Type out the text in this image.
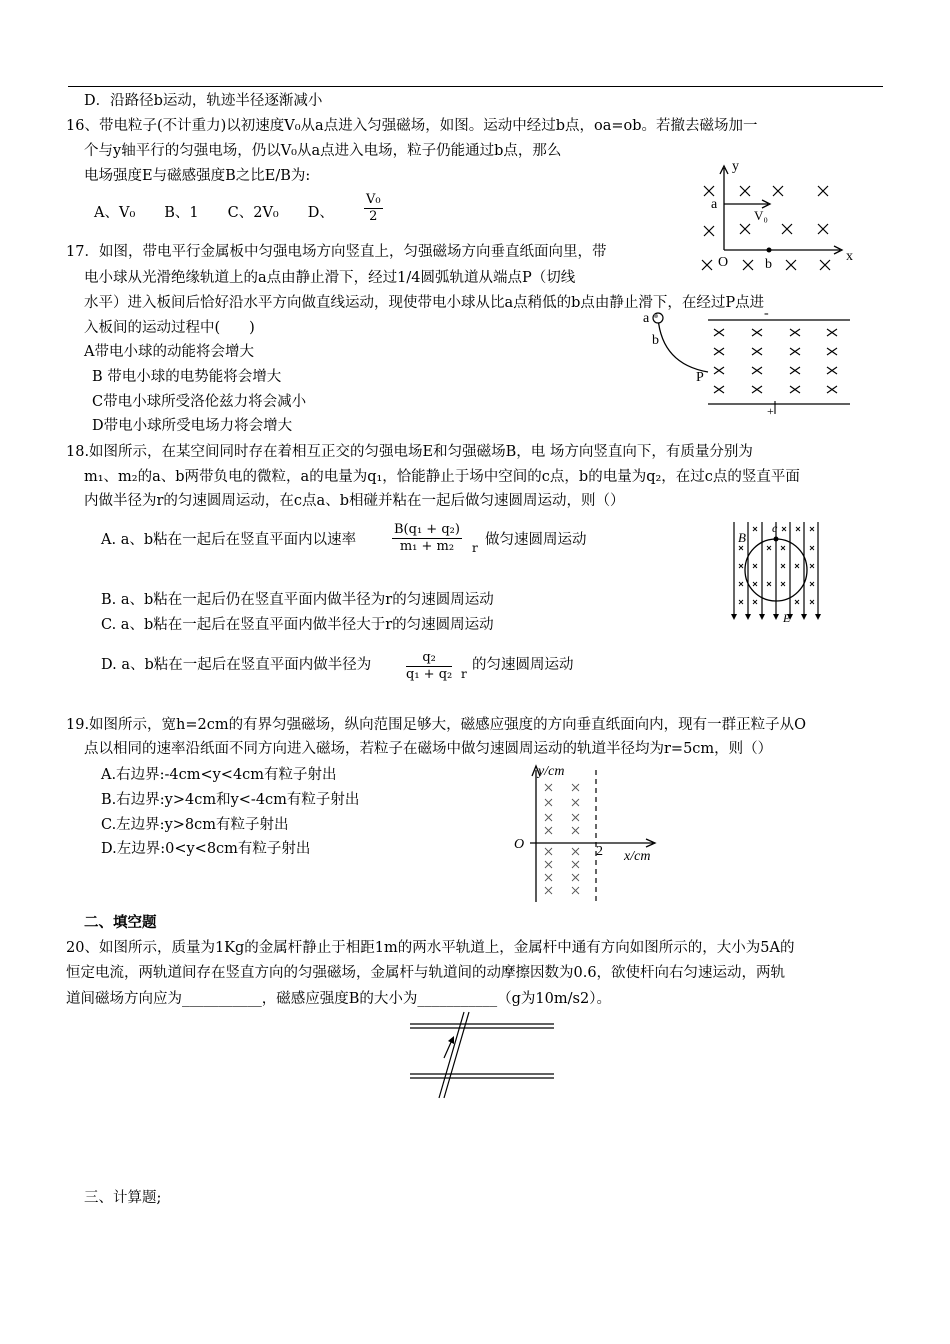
D．沿路径b运动，轨迹半径逐渐减小
16、带电粒子(不计重力)以初速度V₀从a点进入匀强磁场，如图。运动中经过b点，oa=ob。若撤去磁场加一
个与y轴平行的匀强电场，仍以V₀从a点进入电场，粒子仍能通过b点，那么
电场强度E与磁感强度B之比E/B为:
A、V₀　　B、1　　C、2V₀　　D、 $\frac{\text{V₀}}{2}$
y
x
a
V₀
O	b
17．如图，带电平行金属板中匀强电场方向竖直上，匀强磁场方向垂直纸面向里，带
电小球从光滑绝缘轨道上的a点由静止滑下，经过1/4圆弧轨道从端点P（切线
水平）进入板间后恰好沿水平方向做直线运动，现使带电小球从比a点稍低的b点由静止滑下，在经过P点进
入板间的运动过程中(　　)
A带电小球的动能将会增大
B 带电小球的电势能将会增大
C带电小球所受洛伦兹力将会减小
D带电小球所受电场力将会增大
a
b
P
-
+
18.如图所示，在某空间同时存在着相互正交的匀强电场E和匀强磁场B，电 场方向竖直向下，有质量分别为
m₁、m₂的a、b两带负电的微粒，a的电量为q₁，恰能静止于场中空间的c点，b的电量为q₂，在过c点的竖直平面
内做半径为r的匀速圆周运动，在c点a、b相碰并粘在一起后做匀速圆周运动，则（）
A. a、b粘在一起后在竖直平面内以速率	$\frac{\text{B(q₁ + q₂)}}{\text{m₁ + m₂}}$ r 做匀速圆周运动
B. a、b粘在一起后仍在竖直平面内做半径为r的匀速圆周运动
C. a、b粘在一起后在竖直平面内做半径大于r的匀速圆周运动
D. a、b粘在一起后在竖直平面内做半径为	$\frac{\text{q₂}}{\text{q₁ + q₂}}$ r
的匀速圆周运动
B
c
E
19.如图所示，宽h=2cm的有界匀强磁场，纵向范围足够大，磁感应强度的方向垂直纸面向内，现有一群正粒子从O
点以相同的速率沿纸面不同方向进入磁场，若粒子在磁场中做匀速圆周运动的轨道半径均为r=5cm，则（）
A.右边界:-4cm<y<4cm有粒子射出
B.右边界:y>4cm和y<-4cm有粒子射出
C.左边界:y>8cm有粒子射出
D.左边界:0<y<8cm有粒子射出
y/cm
x/cm
O	2
二、填空题
20、如图所示，质量为1Kg的金属杆静止于相距1m的两水平轨道上，金属杆中通有方向如图所示的，大小为5A的
恒定电流，两轨道间存在竖直方向的匀强磁场，金属杆与轨道间的动摩擦因数为0.6，欲使杆向右匀速运动，两轨
道间磁场方向应为___________，磁感应强度B的大小为___________（g为10m/s2）。
I
三、计算题;
